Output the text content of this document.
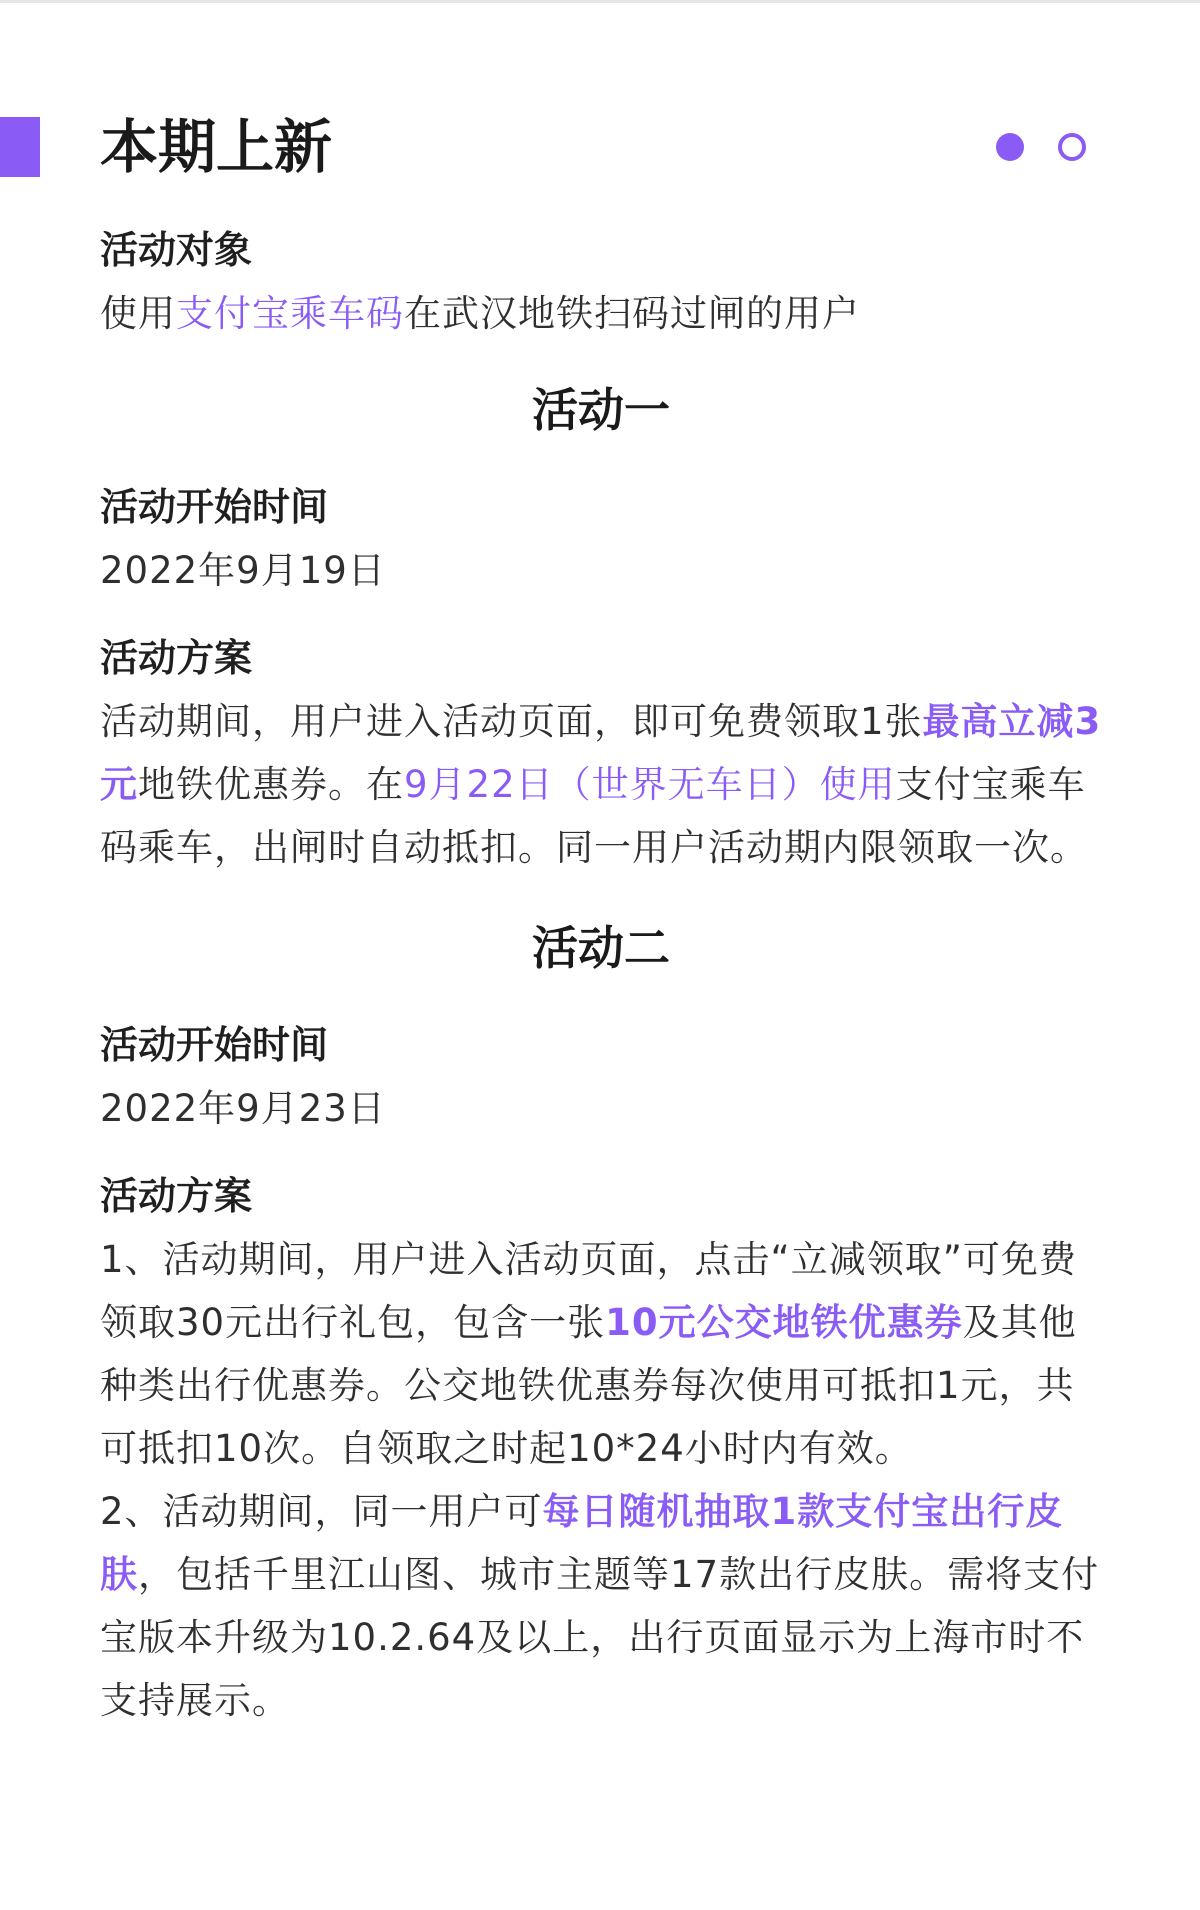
本期上新

活动对象

使用支付宝乘车码在武汉地铁扫码过闸的用户

活动一

活动开始时间

2022年9月19日

活动方案

活动期间，用户进入活动页面，即可免费领取1张最高立减3元地铁优惠券。在9月22日（世界无车日）使用支付宝乘车码乘车，出闸时自动抵扣。同一用户活动期内限领取一次。

活动二

活动开始时间

2022年9月23日

活动方案

1、活动期间，用户进入活动页面，点击“立减领取”可免费领取30元出行礼包，包含一张10元公交地铁优惠券及其他种类出行优惠券。公交地铁优惠券每次使用可抵扣1元，共可抵扣10次。自领取之时起10*24小时内有效。

2、活动期间，同一用户可每日随机抽取1款支付宝出行皮肤，包括千里江山图、城市主题等17款出行皮肤。需将支付宝版本升级为10.2.64及以上，出行页面显示为上海市时不支持展示。
